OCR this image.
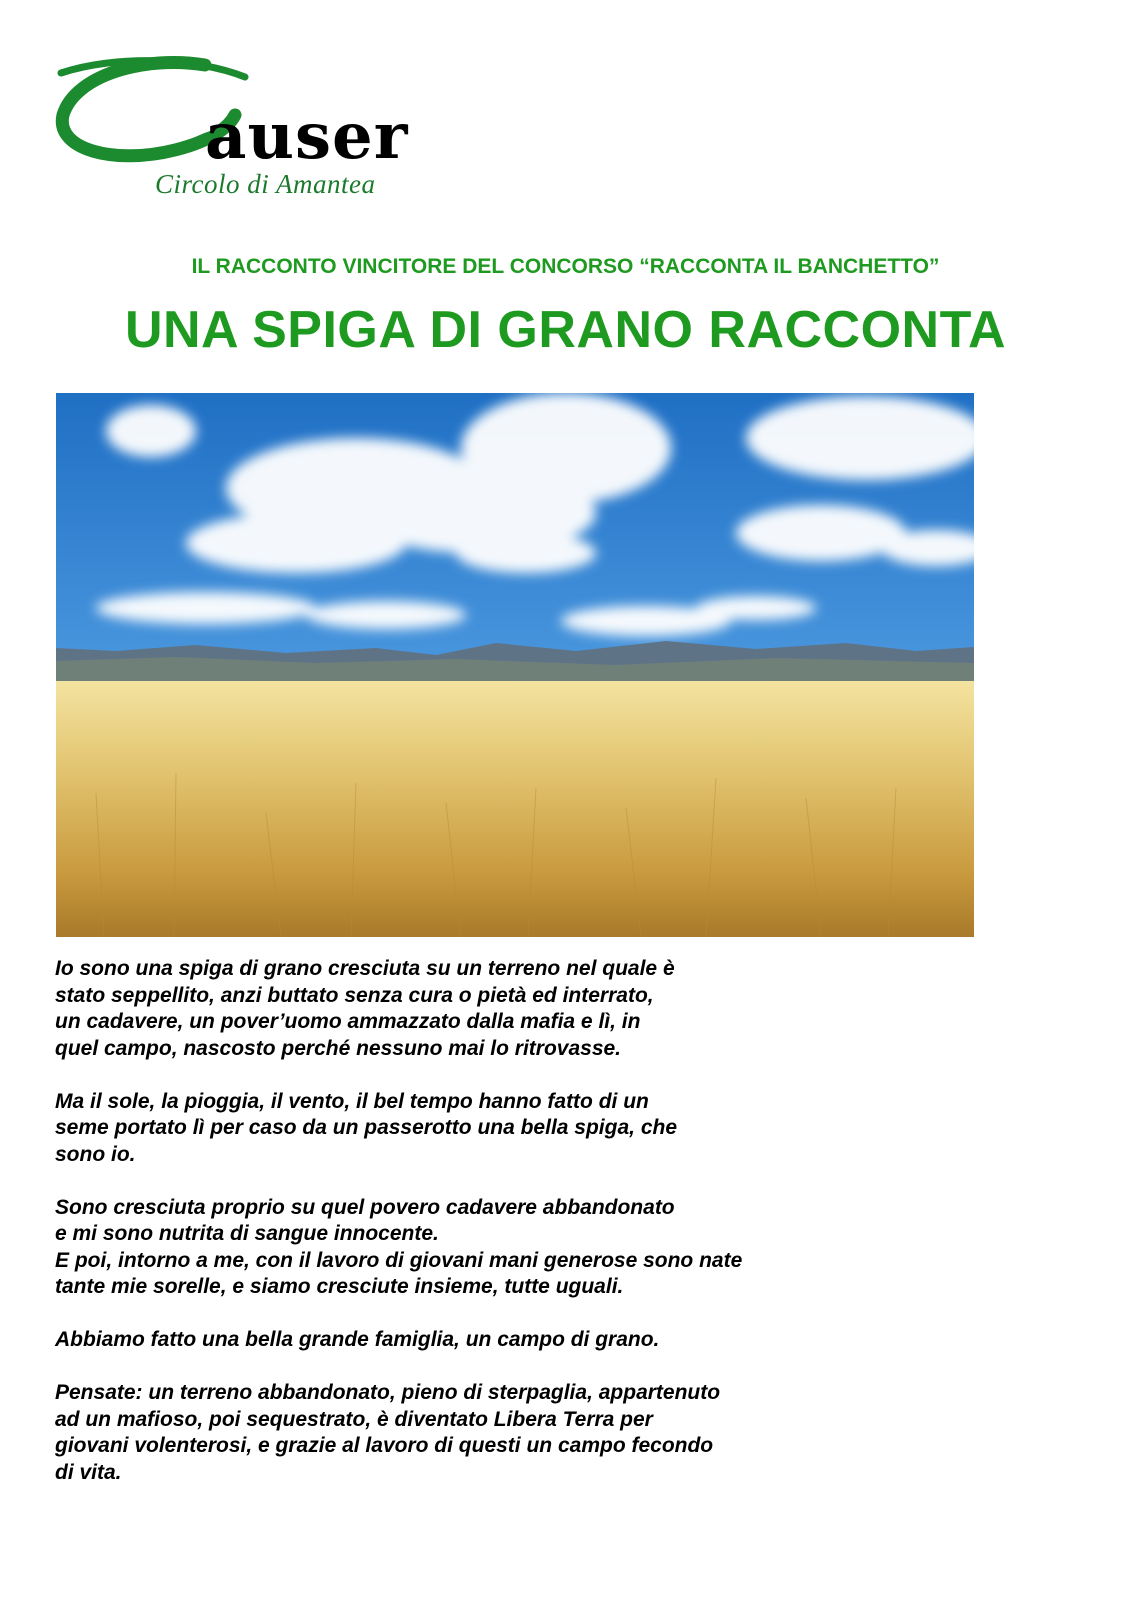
auser
Circolo di Amantea
IL RACCONTO VINCITORE DEL CONCORSO “RACCONTA IL BANCHETTO”
UNA SPIGA DI GRANO RACCONTA

Io sono una spiga di grano cresciuta su un terreno nel quale è
stato seppellito, anzi buttato senza cura o pietà ed interrato,
un cadavere, un pover’uomo ammazzato dalla mafia e lì, in
quel campo, nascosto perché nessuno mai lo ritrovasse.

Ma il sole, la pioggia, il vento, il bel tempo hanno fatto di un
seme portato lì per caso da un passerotto una bella spiga, che
sono io.

Sono cresciuta proprio su quel povero cadavere abbandonato
e mi sono nutrita di sangue innocente.
E poi, intorno a me, con il lavoro di giovani mani generose sono nate
tante mie sorelle, e siamo cresciute insieme, tutte uguali.

Abbiamo fatto una bella grande famiglia, un campo di grano.

Pensate: un terreno abbandonato, pieno di sterpaglia, appartenuto
ad un mafioso, poi sequestrato, è diventato Libera Terra per
giovani volenterosi, e grazie al lavoro di questi un campo fecondo
di vita.
